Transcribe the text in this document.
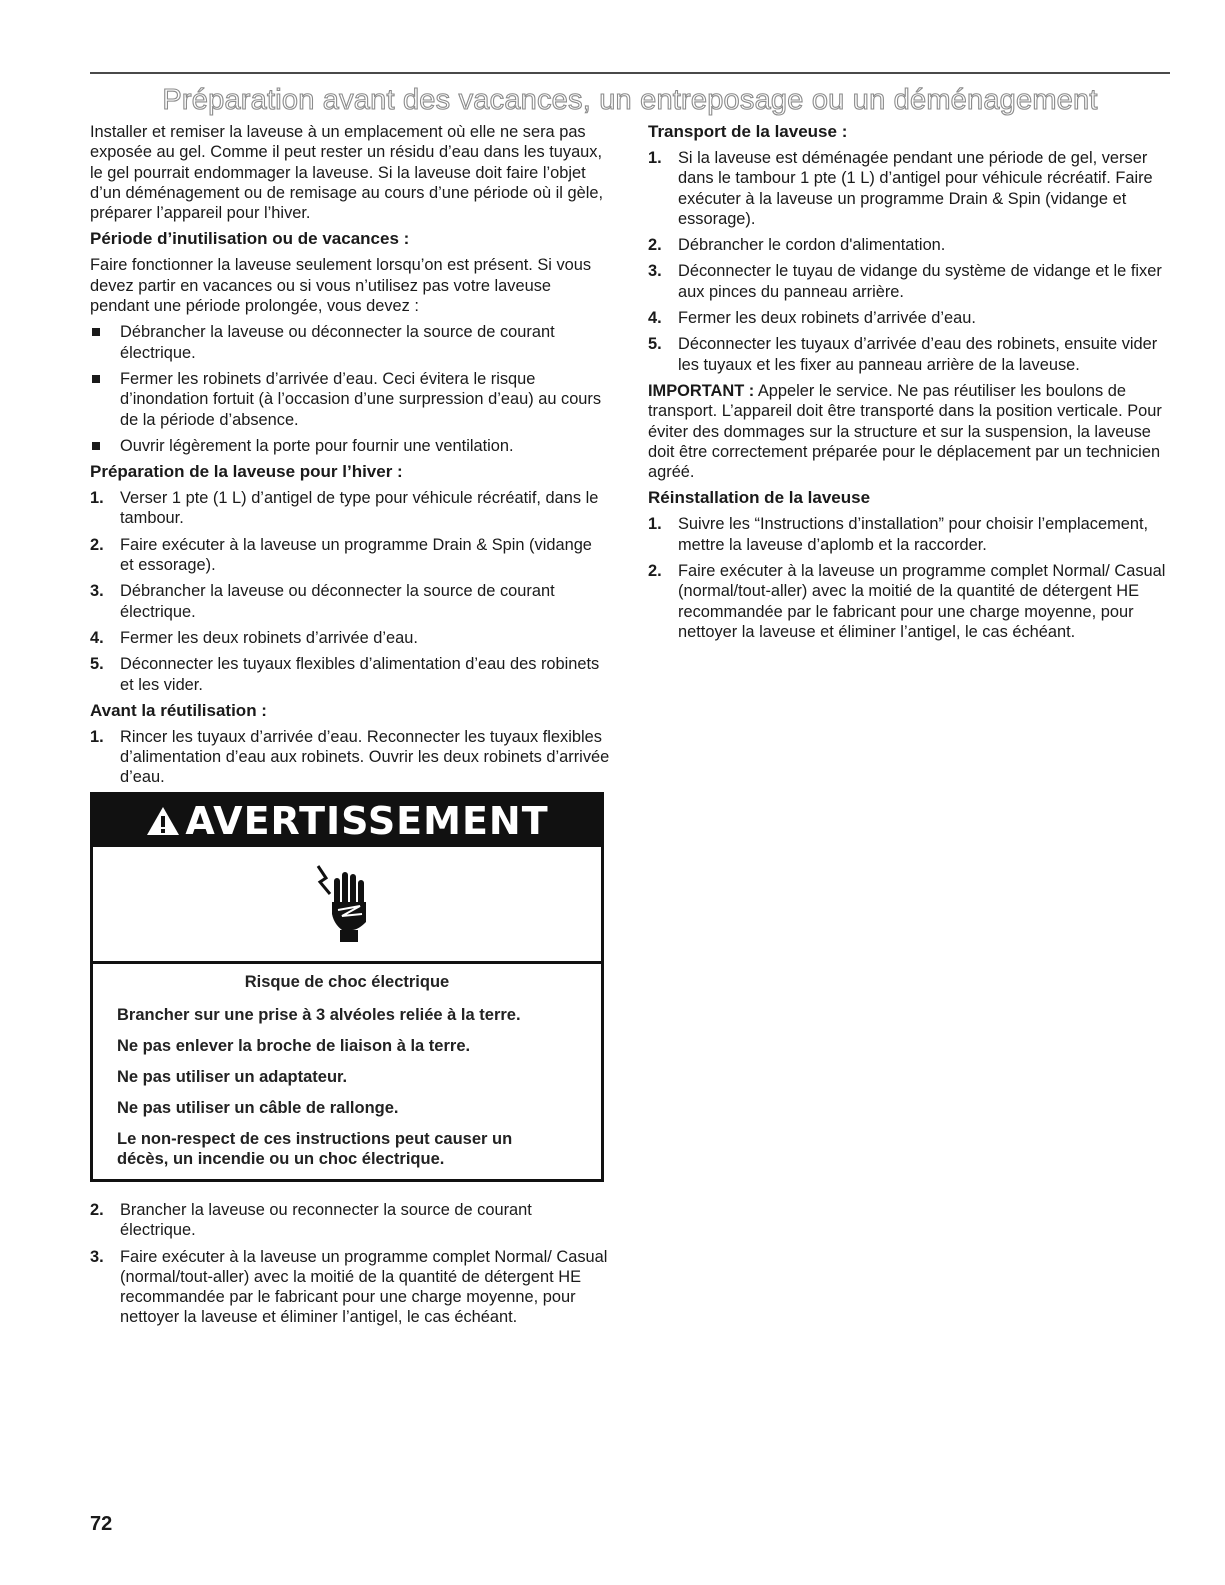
Préparation avant des vacances, un entreposage ou un déménagement

Installer et remiser la laveuse à un emplacement où elle ne sera pas exposée au gel. Comme il peut rester un résidu d’eau dans les tuyaux, le gel pourrait endommager la laveuse. Si la laveuse doit faire l’objet d’un déménagement ou de remisage au cours d’une période où il gèle, préparer l’appareil pour l’hiver.

Période d’inutilisation ou de vacances :

Faire fonctionner la laveuse seulement lorsqu’on est présent. Si vous devez partir en vacances ou si vous n’utilisez pas votre laveuse pendant une période prolongée, vous devez :

Débrancher la laveuse ou déconnecter la source de courant électrique.
Fermer les robinets d’arrivée d’eau. Ceci évitera le risque d’inondation fortuit (à l’occasion d’une surpression d’eau) au cours de la période d’absence.
Ouvrir légèrement la porte pour fournir une ventilation.
Préparation de la laveuse pour l’hiver :
1. Verser 1 pte (1 L) d’antigel de type pour véhicule récréatif, dans le tambour.
2. Faire exécuter à la laveuse un programme Drain & Spin (vidange et essorage).
3. Débrancher la laveuse ou déconnecter la source de courant électrique.
4. Fermer les deux robinets d’arrivée d’eau.
5. Déconnecter les tuyaux flexibles d’alimentation d’eau des robinets et les vider.
Avant la réutilisation :
1. Rincer les tuyaux d’arrivée d’eau. Reconnecter les tuyaux flexibles d’alimentation d’eau aux robinets. Ouvrir les deux robinets d’arrivée d’eau.
AVERTISSEMENT

Risque de choc électrique

Brancher sur une prise à 3 alvéoles reliée à la terre.

Ne pas enlever la broche de liaison à la terre.

Ne pas utiliser un adaptateur.

Ne pas utiliser un câble de rallonge.

Le non-respect de ces instructions peut causer un décès, un incendie ou un choc électrique.

2. Brancher la laveuse ou reconnecter la source de courant électrique.
3. Faire exécuter à la laveuse un programme complet Normal/ Casual (normal/tout-aller) avec la moitié de la quantité de détergent HE recommandée par le fabricant pour une charge moyenne, pour nettoyer la laveuse et éliminer l’antigel, le cas échéant.
Transport de la laveuse :
1. Si la laveuse est déménagée pendant une période de gel, verser dans le tambour 1 pte (1 L) d’antigel pour véhicule récréatif. Faire exécuter à la laveuse un programme Drain & Spin (vidange et essorage).
2. Débrancher le cordon d'alimentation.
3. Déconnecter le tuyau de vidange du système de vidange et le fixer aux pinces du panneau arrière.
4. Fermer les deux robinets d’arrivée d’eau.
5. Déconnecter les tuyaux d’arrivée d’eau des robinets, ensuite vider les tuyaux et les fixer au panneau arrière de la laveuse.

IMPORTANT : Appeler le service. Ne pas réutiliser les boulons de transport. L’appareil doit être transporté dans la position verticale. Pour éviter des dommages sur la structure et sur la suspension, la laveuse doit être correctement préparée pour le déplacement par un technicien agréé.

Réinstallation de la laveuse
1. Suivre les “Instructions d’installation” pour choisir l’emplacement, mettre la laveuse d’aplomb et la raccorder.
2. Faire exécuter à la laveuse un programme complet Normal/ Casual (normal/tout-aller) avec la moitié de la quantité de détergent HE recommandée par le fabricant pour une charge moyenne, pour nettoyer la laveuse et éliminer l’antigel, le cas échéant.
72
